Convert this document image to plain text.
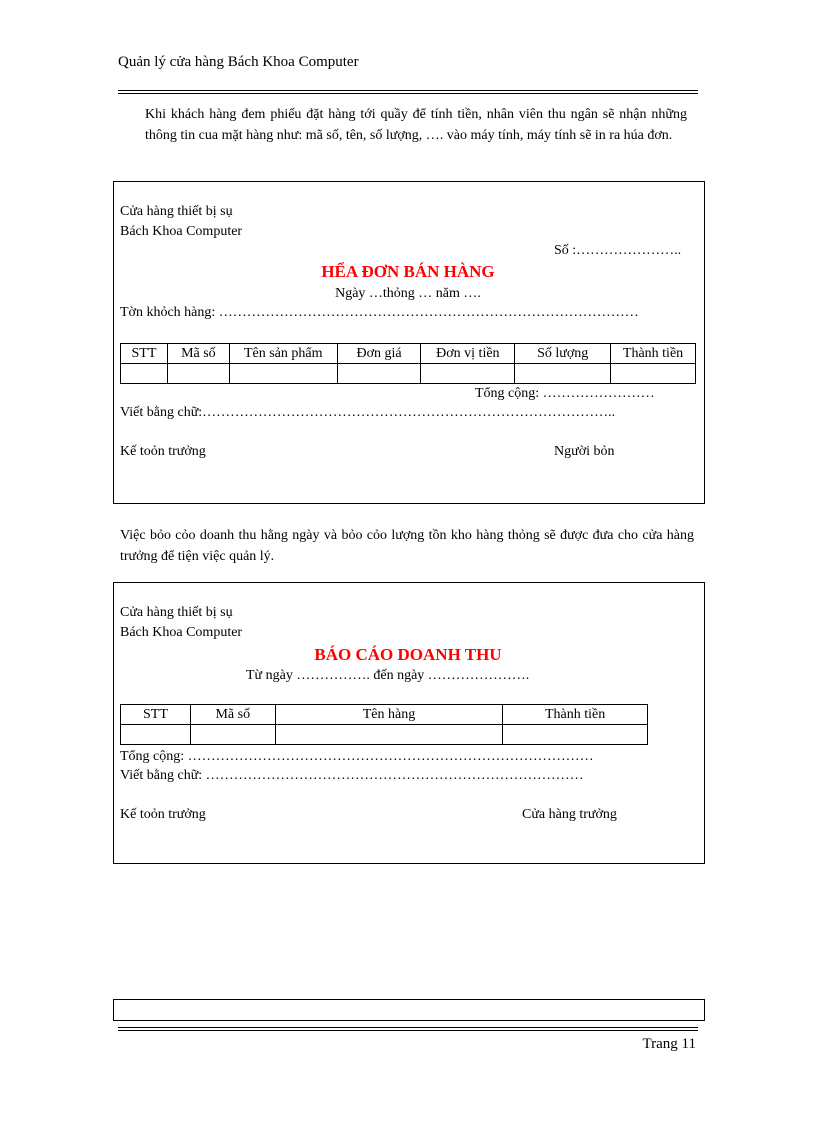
Quản lý cửa hàng Bách Khoa Computer
Khi khách hàng đem phiếu đặt hàng tới quầy để tính tiền, nhân viên thu ngân sẽ nhận những thông tin cua mặt hàng như: mã số, tên, số lượng, …. vào máy tính, máy tính sẽ in ra húa đơn.
Cửa hàng thiết bị sụ
Bách Khoa Computer
Số :…………………..
HỂA ĐƠN BÁN HÀNG
Ngày …thỏng … năm ….
Tờn khỏch hàng: ………………………………………………………………………………
STT	Mã số	Tên sản phẩm	Đơn giá	Đơn vị tiền	Số lượng	Thành tiền

Tổng cộng: ……………………
Viết bằng chữ:……………………………………………………………………………..
Kế toỏn trưởng	Người bỏn
Việc bỏo cỏo doanh thu hằng ngày và bỏo cỏo lượng tồn kho hàng thỏng sẽ được đưa cho cửa hàng trưởng để tiện việc quản lý.
Cửa hàng thiết bị sụ
Bách Khoa Computer
BÁO CÁO DOANH THU
Từ ngày ……………. đến ngày ………………….
STT	Mã số	Tên hàng	Thành tiền

Tổng cộng: ……………………………………………………………………………
Viết bằng chữ: ………………………………………………………………………
Kế toỏn trưởng	Cửa hàng trưởng
Trang 11
